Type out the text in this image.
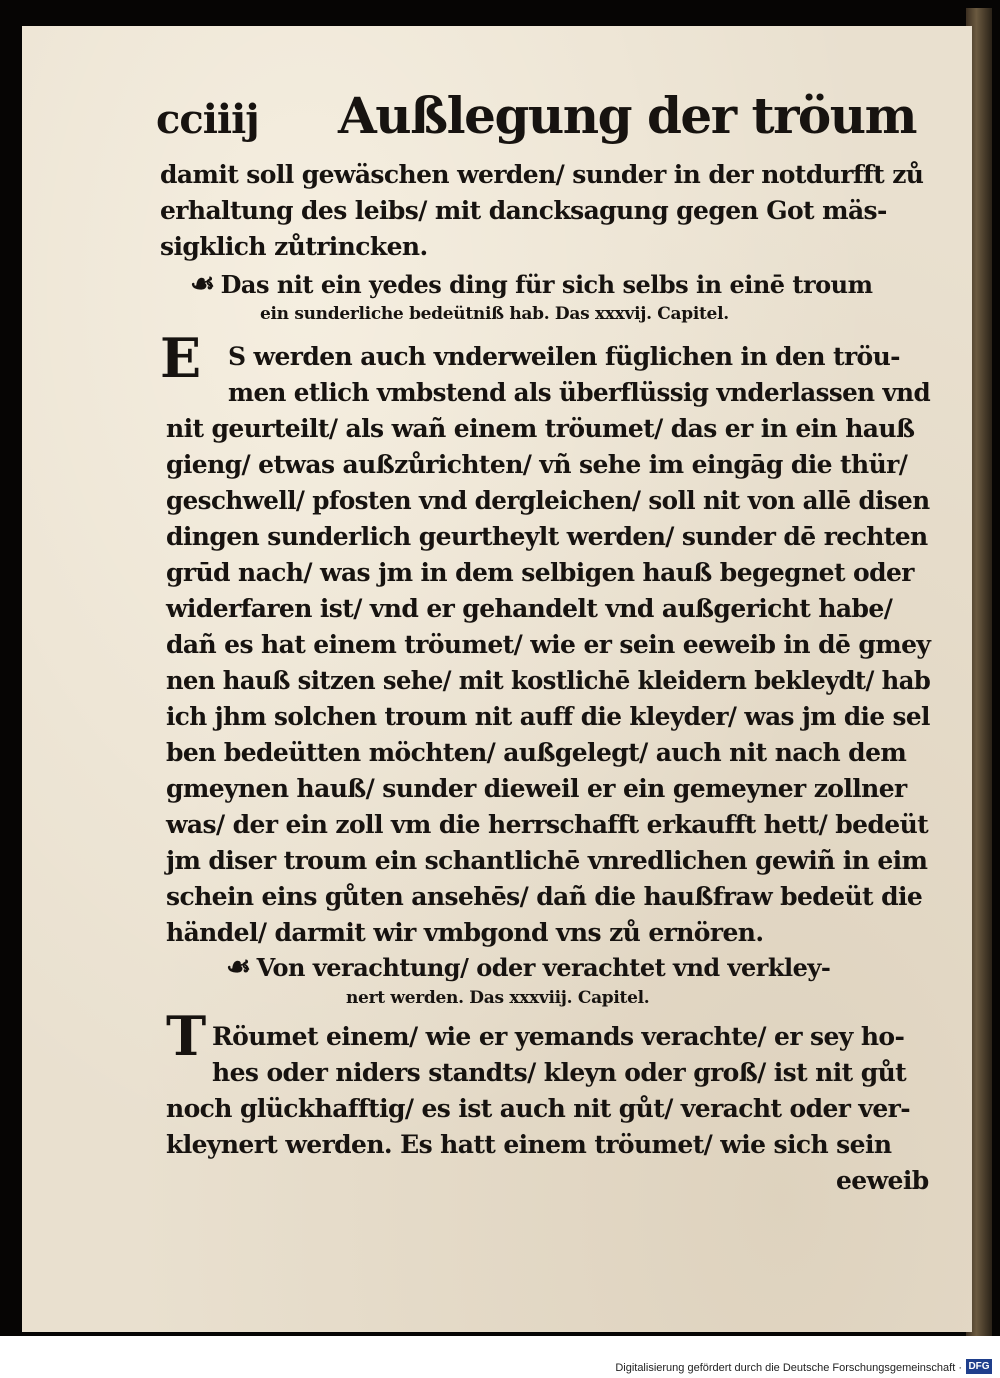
cciiij Außlegung der tröum
damit soll gewäschen werden/ sunder in der notdurfft zů
erhaltung des leibs/ mit dancksagung gegen Got mäs-
sigklich zůtrincken.
☙ Das nit ein yedes ding für sich selbs in einē troum
ein sunderliche bedeütniß hab. Das xxxvij. Capitel.
E S werden auch vnderweilen füglichen in den tröu-
men etlich vmbstend als überflüssig vnderlassen vnd
nit geurteilt/ als wañ einem tröumet/ das er in ein hauß
gieng/ etwas außzůrichten/ vñ sehe im eingāg die thür/
geschwell/ pfosten vnd dergleichen/ soll nit von allē disen
dingen sunderlich geurtheylt werden/ sunder dē rechten
grūd nach/ was jm in dem selbigen hauß begegnet oder
widerfaren ist/ vnd er gehandelt vnd außgericht habe/
dañ es hat einem tröumet/ wie er sein eeweib in dē gmey
nen hauß sitzen sehe/ mit kostlichē kleidern bekleydt/ hab
ich jhm solchen troum nit auff die kleyder/ was jm die sel
ben bedeütten möchten/ außgelegt/ auch nit nach dem
gmeynen hauß/ sunder dieweil er ein gemeyner zollner
was/ der ein zoll vm die herrschafft erkaufft hett/ bedeüt
jm diser troum ein schantlichē vnredlichen gewiñ in eim
schein eins gůten ansehēs/ dañ die haußfraw bedeüt die
händel/ darmit wir vmbgond vns zů ernören.
☙ Von verachtung/ oder verachtet vnd verkley-
nert werden. Das xxxviij. Capitel.
T Röumet einem/ wie er yemands verachte/ er sey ho-
hes oder niders standts/ kleyn oder groß/ ist nit gůt
noch glückhafftig/ es ist auch nit gůt/ veracht oder ver-
kleynert werden. Es hatt einem tröumet/ wie sich sein
eeweib
Digitalisierung gefördert durch die Deutsche Forschungsgemeinschaft · DFG
